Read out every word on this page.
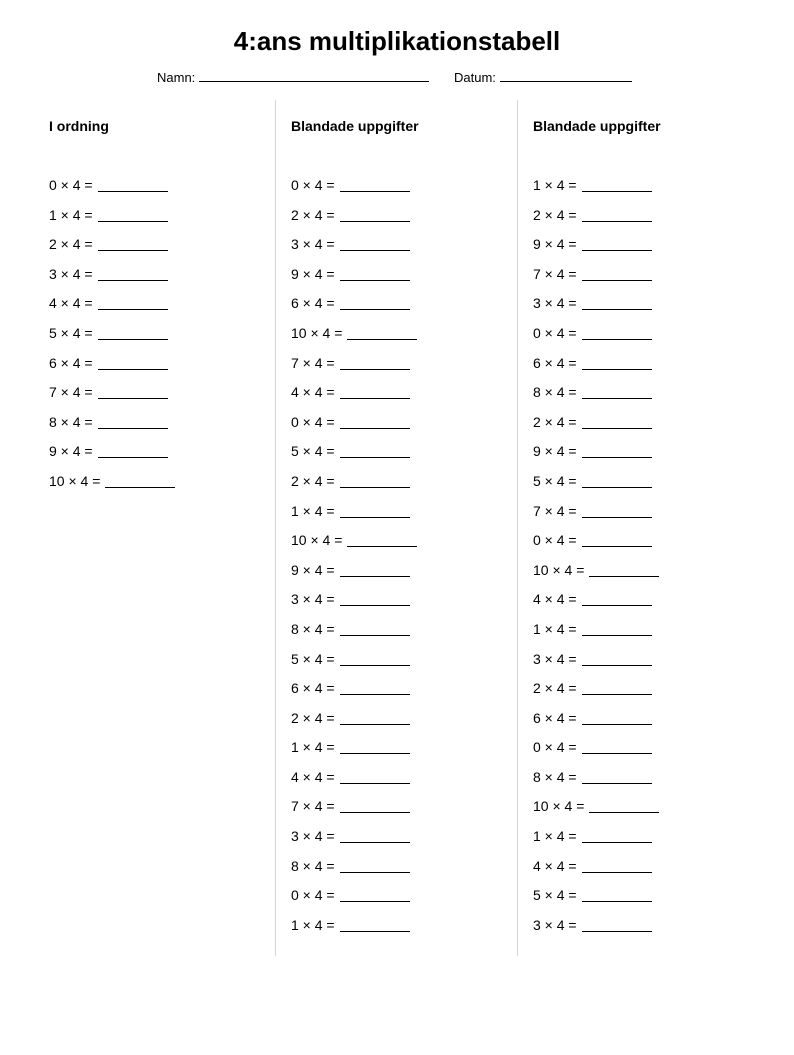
4:ans multiplikationstabell
Namn:	Datum:
I ordning
0 × 4 =
1 × 4 =
2 × 4 =
3 × 4 =
4 × 4 =
5 × 4 =
6 × 4 =
7 × 4 =
8 × 4 =
9 × 4 =
10 × 4 =
Blandade uppgifter
0 × 4 =
2 × 4 =
3 × 4 =
9 × 4 =
6 × 4 =
10 × 4 =
7 × 4 =
4 × 4 =
0 × 4 =
5 × 4 =
2 × 4 =
1 × 4 =
10 × 4 =
9 × 4 =
3 × 4 =
8 × 4 =
5 × 4 =
6 × 4 =
2 × 4 =
1 × 4 =
4 × 4 =
7 × 4 =
3 × 4 =
8 × 4 =
0 × 4 =
1 × 4 =
Blandade uppgifter
1 × 4 =
2 × 4 =
9 × 4 =
7 × 4 =
3 × 4 =
0 × 4 =
6 × 4 =
8 × 4 =
2 × 4 =
9 × 4 =
5 × 4 =
7 × 4 =
0 × 4 =
10 × 4 =
4 × 4 =
1 × 4 =
3 × 4 =
2 × 4 =
6 × 4 =
0 × 4 =
8 × 4 =
10 × 4 =
1 × 4 =
4 × 4 =
5 × 4 =
3 × 4 =
